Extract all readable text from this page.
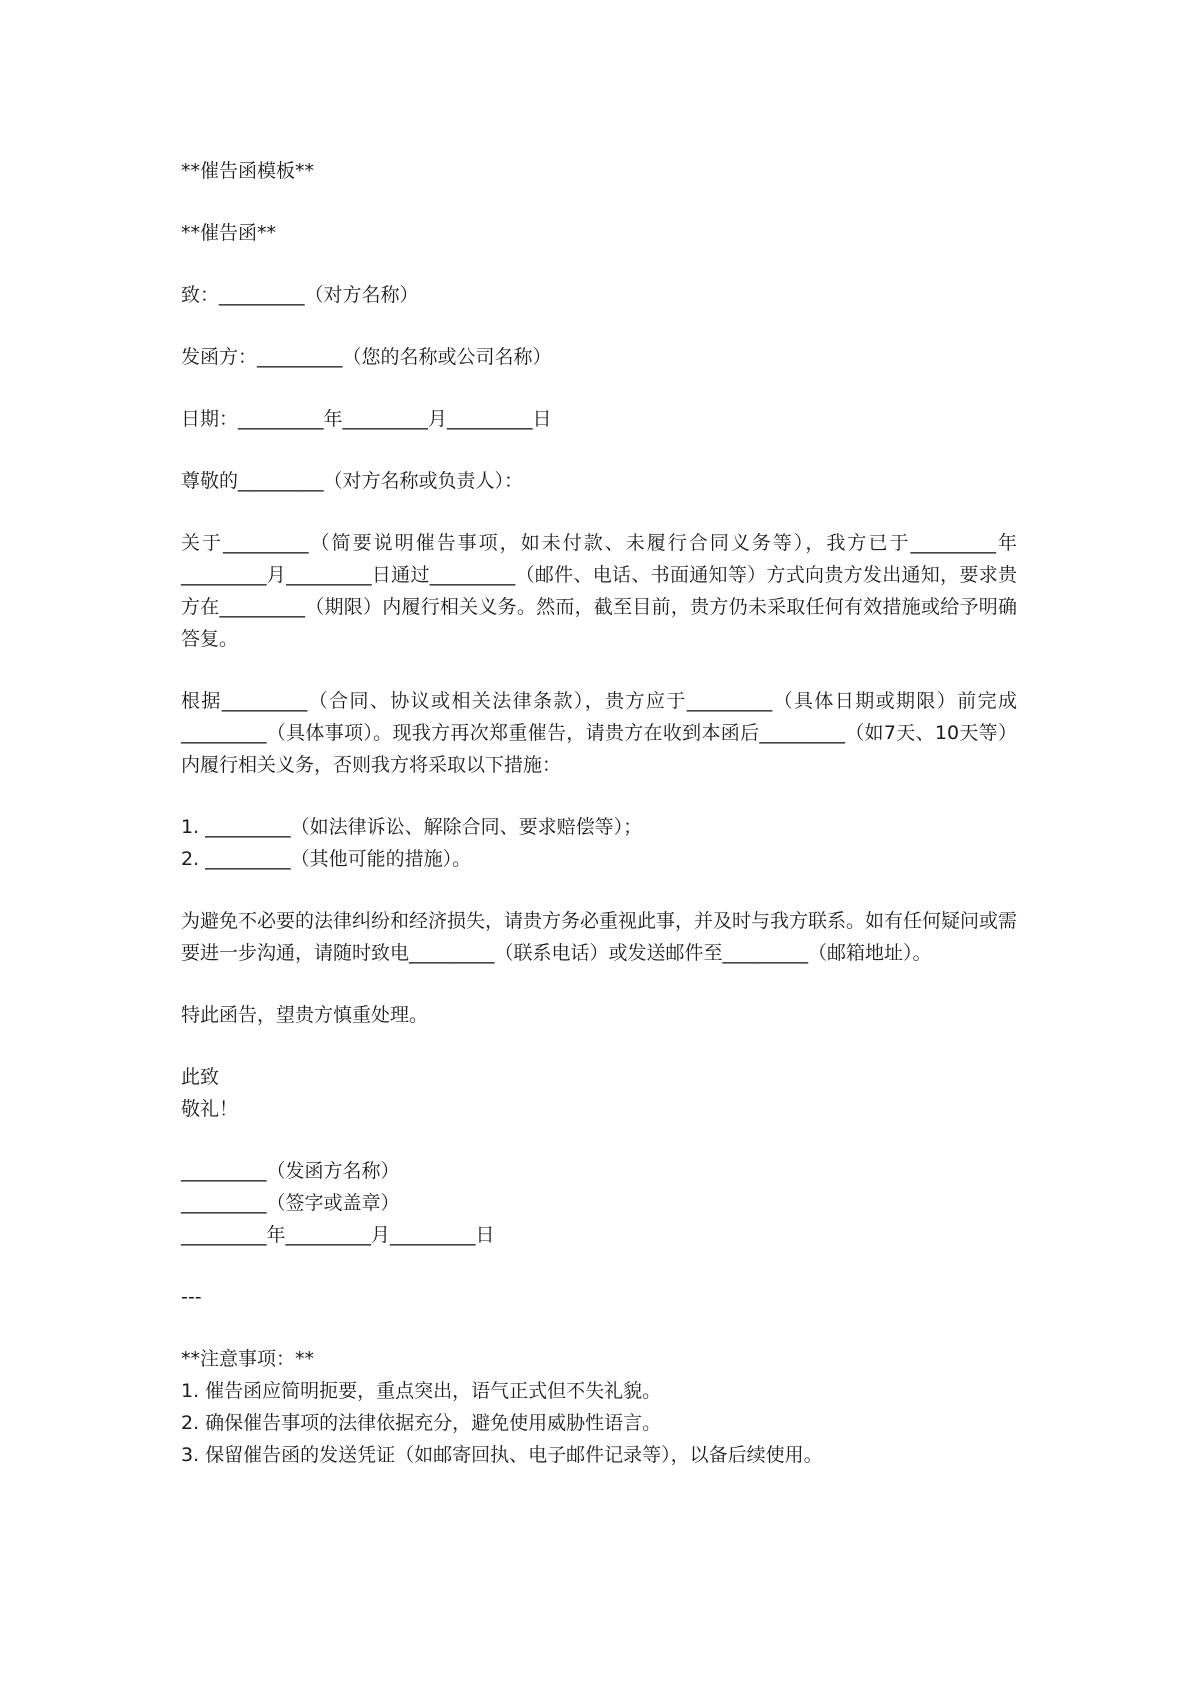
**催告函模板**

**催告函**

致：_________（对方名称）

发函方：_________（您的名称或公司名称）

日期：_________年_________月_________日

尊敬的_________（对方名称或负责人）：

关于_________（简要说明催告事项，如未付款、未履行合同义务等），我方已于_________年_________月_________日通过_________（邮件、电话、书面通知等）方式向贵方发出通知，要求贵方在_________（期限）内履行相关义务。然而，截至目前，贵方仍未采取任何有效措施或给予明确答复。

根据_________（合同、协议或相关法律条款），贵方应于_________（具体日期或期限）前完成_________（具体事项）。现我方再次郑重催告，请贵方在收到本函后_________（如7天、10天等）内履行相关义务，否则我方将采取以下措施：

1. _________（如法律诉讼、解除合同、要求赔偿等）；

2. _________（其他可能的措施）。

为避免不必要的法律纠纷和经济损失，请贵方务必重视此事，并及时与我方联系。如有任何疑问或需要进一步沟通，请随时致电_________（联系电话）或发送邮件至_________（邮箱地址）。

特此函告，望贵方慎重处理。

此致

敬礼！

_________（发函方名称）

_________（签字或盖章）

_________年_________月_________日

---

**注意事项：**

1. 催告函应简明扼要，重点突出，语气正式但不失礼貌。

2. 确保催告事项的法律依据充分，避免使用威胁性语言。

3. 保留催告函的发送凭证（如邮寄回执、电子邮件记录等），以备后续使用。
